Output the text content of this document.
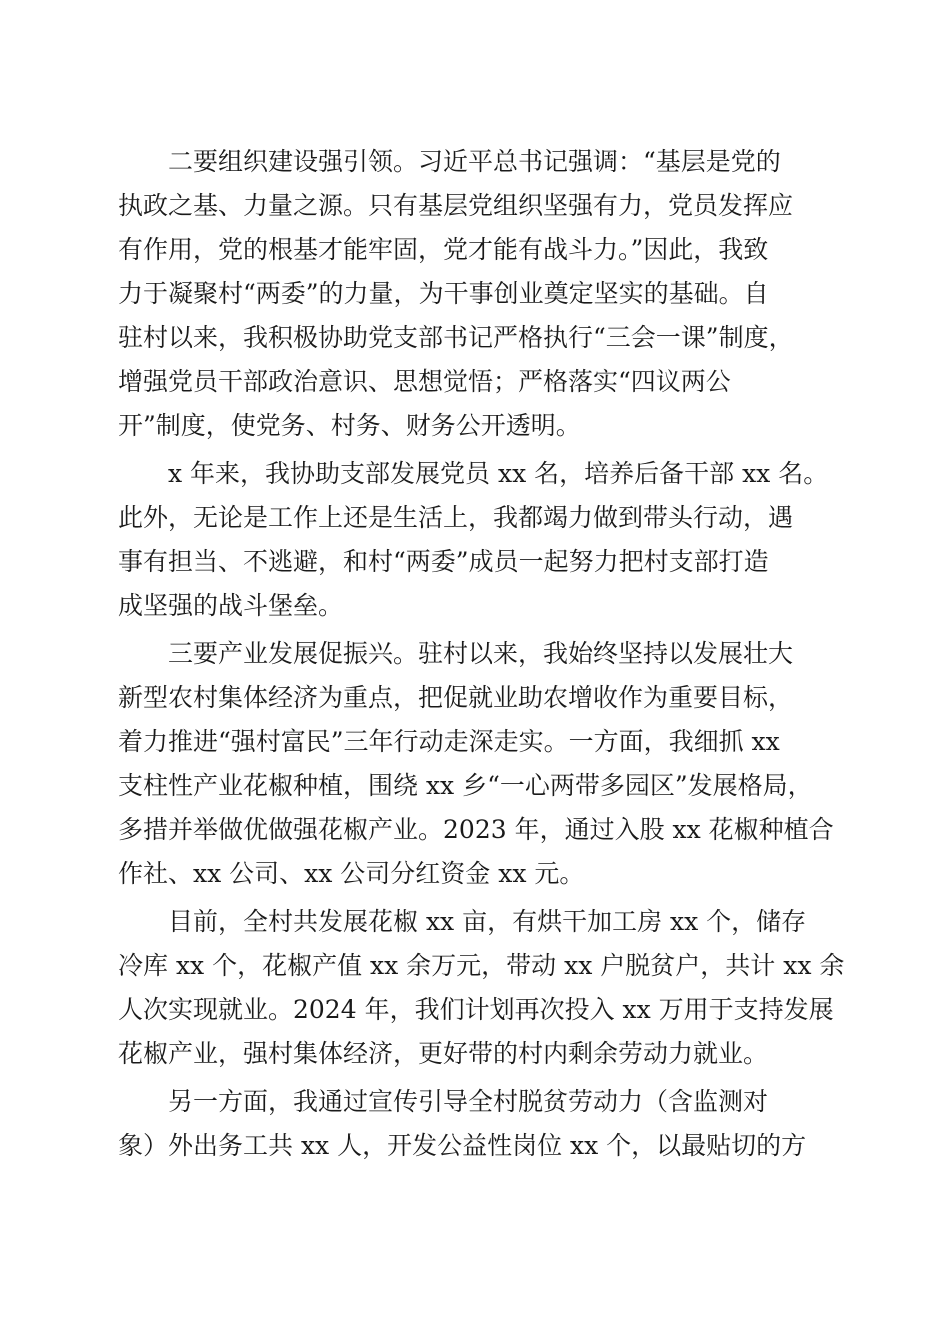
　　二要组织建设强引领。习近平总书记强调：“基层是党的
执政之基、力量之源。只有基层党组织坚强有力，党员发挥应
有作用，党的根基才能牢固，党才能有战斗力。”因此，我致
力于凝聚村“两委”的力量，为干事创业奠定坚实的基础。自
驻村以来，我积极协助党支部书记严格执行“三会一课”制度，
增强党员干部政治意识、思想觉悟；严格落实“四议两公
开”制度，使党务、村务、财务公开透明。
　　x 年来，我协助支部发展党员 xx 名，培养后备干部 xx 名。
此外，无论是工作上还是生活上，我都竭力做到带头行动，遇
事有担当、不逃避，和村“两委”成员一起努力把村支部打造
成坚强的战斗堡垒。
　　三要产业发展促振兴。驻村以来，我始终坚持以发展壮大
新型农村集体经济为重点，把促就业助农增收作为重要目标，
着力推进“强村富民”三年行动走深走实。一方面，我细抓 xx
支柱性产业花椒种植，围绕 xx 乡“一心两带多园区”发展格局，
多措并举做优做强花椒产业。2023 年，通过入股 xx 花椒种植合
作社、xx 公司、xx 公司分红资金 xx 元。
　　目前，全村共发展花椒 xx 亩，有烘干加工房 xx 个，储存
冷库 xx 个，花椒产值 xx 余万元，带动 xx 户脱贫户，共计 xx 余
人次实现就业。2024 年，我们计划再次投入 xx 万用于支持发展
花椒产业，强村集体经济，更好带的村内剩余劳动力就业。
　　另一方面，我通过宣传引导全村脱贫劳动力（含监测对
象）外出务工共 xx 人，开发公益性岗位 xx 个，以最贴切的方
